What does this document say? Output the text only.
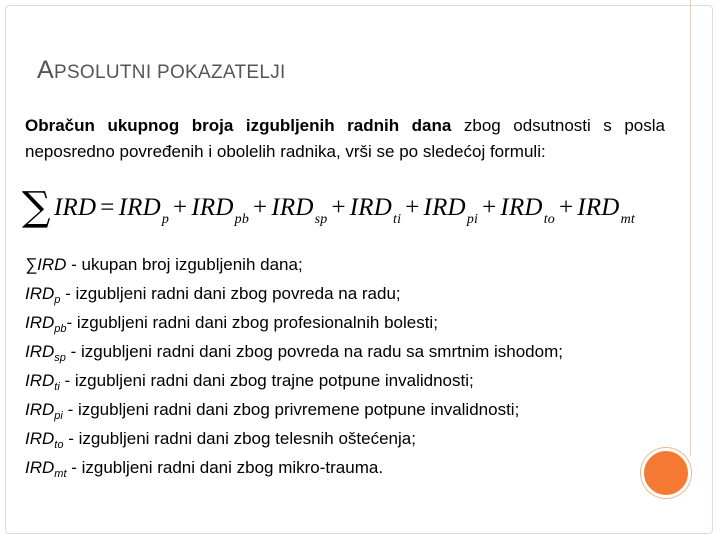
APSOLUTNI POKAZATELJI
Obračun ukupnog broja izgubljenih radnih dana zbog odsutnosti s posla neposredno povređenih i obolelih radnika, vrši se po sledećoj formuli:
∑ IRD = $IRD_p + IRD_{pb} + IRD_{sp} + IRD_{ti} + IRD_{pi} + IRD_{to} + IRD_{mt}$
∑IRD - ukupan broj izgubljenih dana;
$IRD_p$ - izgubljeni radni dani zbog povreda na radu;
$IRD_{pb}-$ izgubljeni radni dani zbog profesionalnih bolesti;
$IRD_{sp}$ - izgubljeni radni dani zbog povreda na radu sa smrtnim ishodom;
$IRD_{ti}$ - izgubljeni radni dani zbog trajne potpune invalidnosti;
$IRD_{pi}$ - izgubljeni radni dani zbog privremene potpune invalidnosti;
$IRD_{to}$ - izgubljeni radni dani zbog telesnih oštećenja;
$IRD_{mt}$ - izgubljeni radni dani zbog mikro-trauma.
